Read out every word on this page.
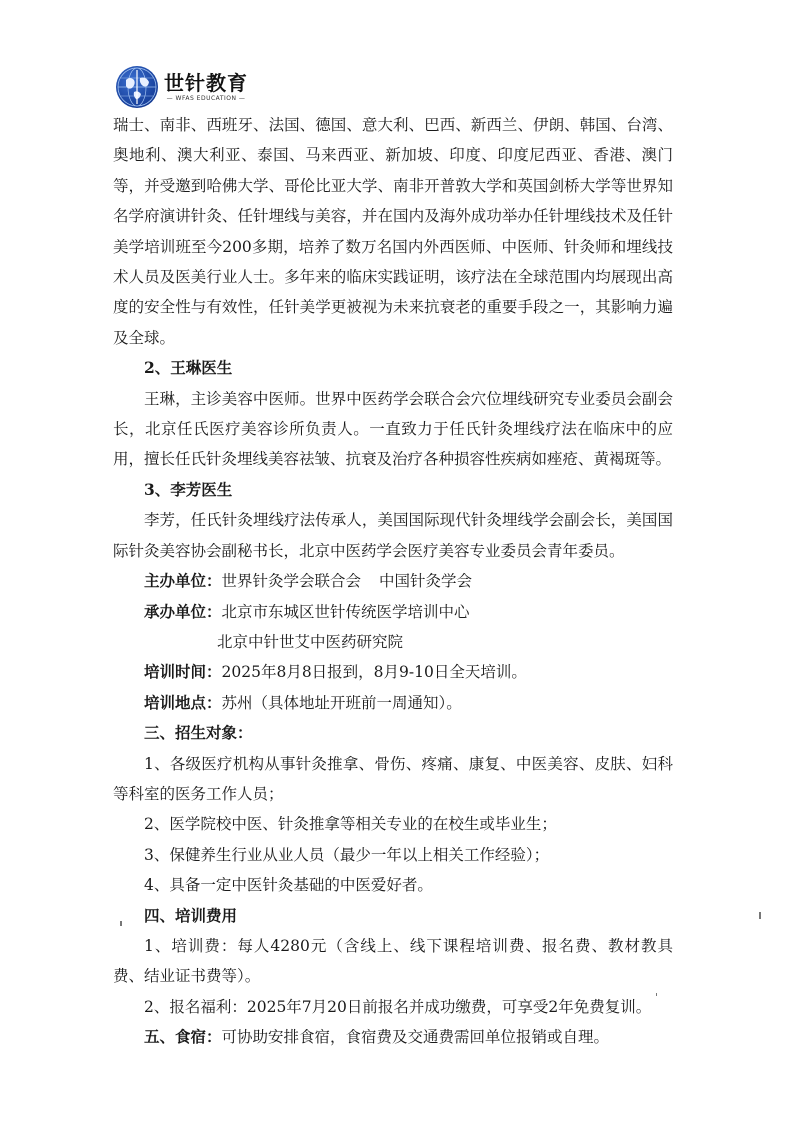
世针教育
— WFAS EDUCATION —

瑞士、南非、西班牙、法国、德国、意大利、巴西、新西兰、伊朗、韩国、台湾、奥地利、澳大利亚、泰国、马来西亚、新加坡、印度、印度尼西亚、香港、澳门等，并受邀到哈佛大学、哥伦比亚大学、南非开普敦大学和英国剑桥大学等世界知名学府演讲针灸、任针埋线与美容，并在国内及海外成功举办任针埋线技术及任针美学培训班至今200多期，培养了数万名国内外西医师、中医师、针灸师和埋线技术人员及医美行业人士。多年来的临床实践证明，该疗法在全球范围内均展现出高度的安全性与有效性，任针美学更被视为未来抗衰老的重要手段之一，其影响力遍及全球。

2、王琳医生

王琳，主诊美容中医师。世界中医药学会联合会穴位埋线研究专业委员会副会长，北京任氏医疗美容诊所负责人。一直致力于任氏针灸埋线疗法在临床中的应用，擅长任氏针灸埋线美容祛皱、抗衰及治疗各种损容性疾病如痤疮、黄褐斑等。

3、李芳医生

李芳，任氏针灸埋线疗法传承人，美国国际现代针灸埋线学会副会长，美国国际针灸美容协会副秘书长，北京中医药学会医疗美容专业委员会青年委员。

主办单位：世界针灸学会联合会 中国针灸学会

承办单位：北京市东城区世针传统医学培训中心

北京中针世艾中医药研究院

培训时间：2025年8月8日报到，8月9-10日全天培训。

培训地点：苏州（具体地址开班前一周通知）。

三、招生对象：

1、各级医疗机构从事针灸推拿、骨伤、疼痛、康复、中医美容、皮肤、妇科等科室的医务工作人员；

2、医学院校中医、针灸推拿等相关专业的在校生或毕业生；

3、保健养生行业从业人员（最少一年以上相关工作经验）；

4、具备一定中医针灸基础的中医爱好者。

四、培训费用

1、培训费：每人4280元（含线上、线下课程培训费、报名费、教材教具费、结业证书费等）。

2、报名福利：2025年7月20日前报名并成功缴费，可享受2年免费复训。

五、食宿：可协助安排食宿，食宿费及交通费需回单位报销或自理。
